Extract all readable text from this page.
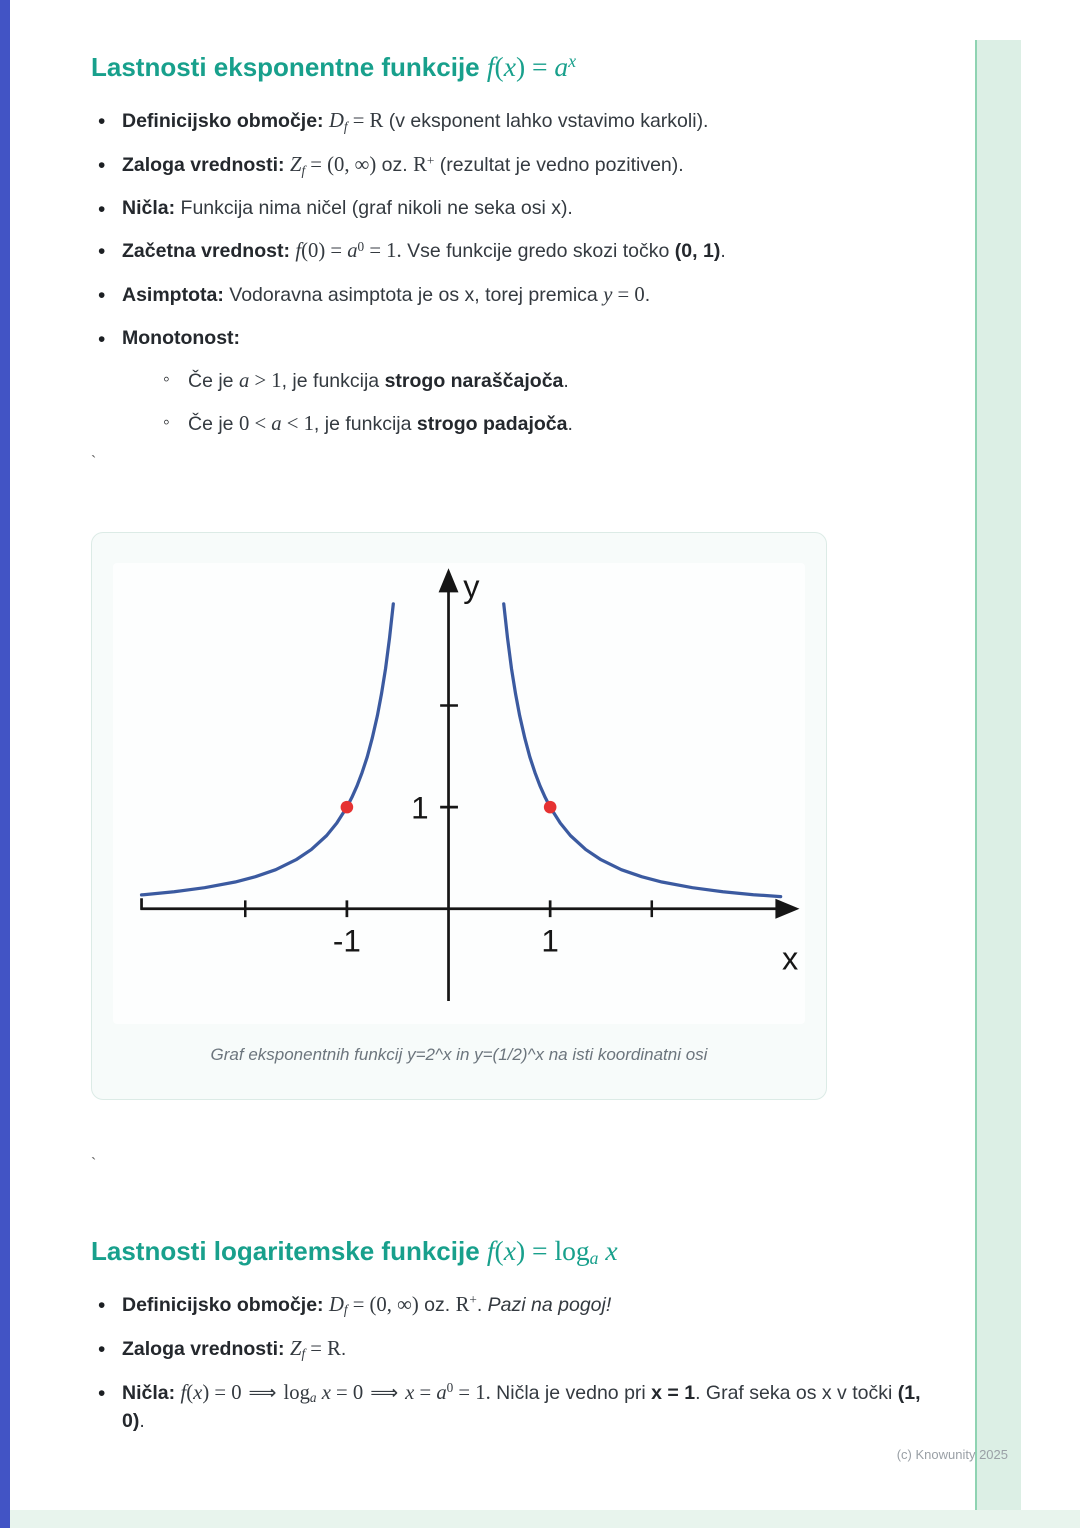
Lastnosti eksponentne funkcije $f(x) = a^x$
• Definicijsko območje: Df = R (v eksponent lahko vstavimo karkoli).
• Zaloga vrednosti: Zf = (0, ∞) oz. R+ (rezultat je vedno pozitiven).
• Ničla: Funkcija nima ničel (graf nikoli ne seka osi x).
• Začetna vrednost: $f(0) = a^0 = 1$. Vse funkcije gredo skozi točko (0, 1).
• Asimptota: Vodoravna asimptota je os x, torej premica y = 0.
• Monotonost:
◦ Če je a > 1, je funkcija strogo naraščajoča.
◦ Če je 0 < a < 1, je funkcija strogo padajoča.

`

y
x
-1	1
1
Graf eksponentnih funkcij y=2^x in y=(1/2)^x na isti koordinatni osi

`

Lastnosti logaritemske funkcije f(x) = loga x
• Definicijsko območje: Df = (0, ∞) oz. R+. Pazi na pogoj!
• Zaloga vrednosti: Zf = R.
• Ničla: f(x) = 0 ⟹ loga x = 0 ⟹ $x = a^0 = 1$. Ničla je vedno pri x = 1. Graf seka os x v točki (1, 0).
(c) Knowunity 2025
